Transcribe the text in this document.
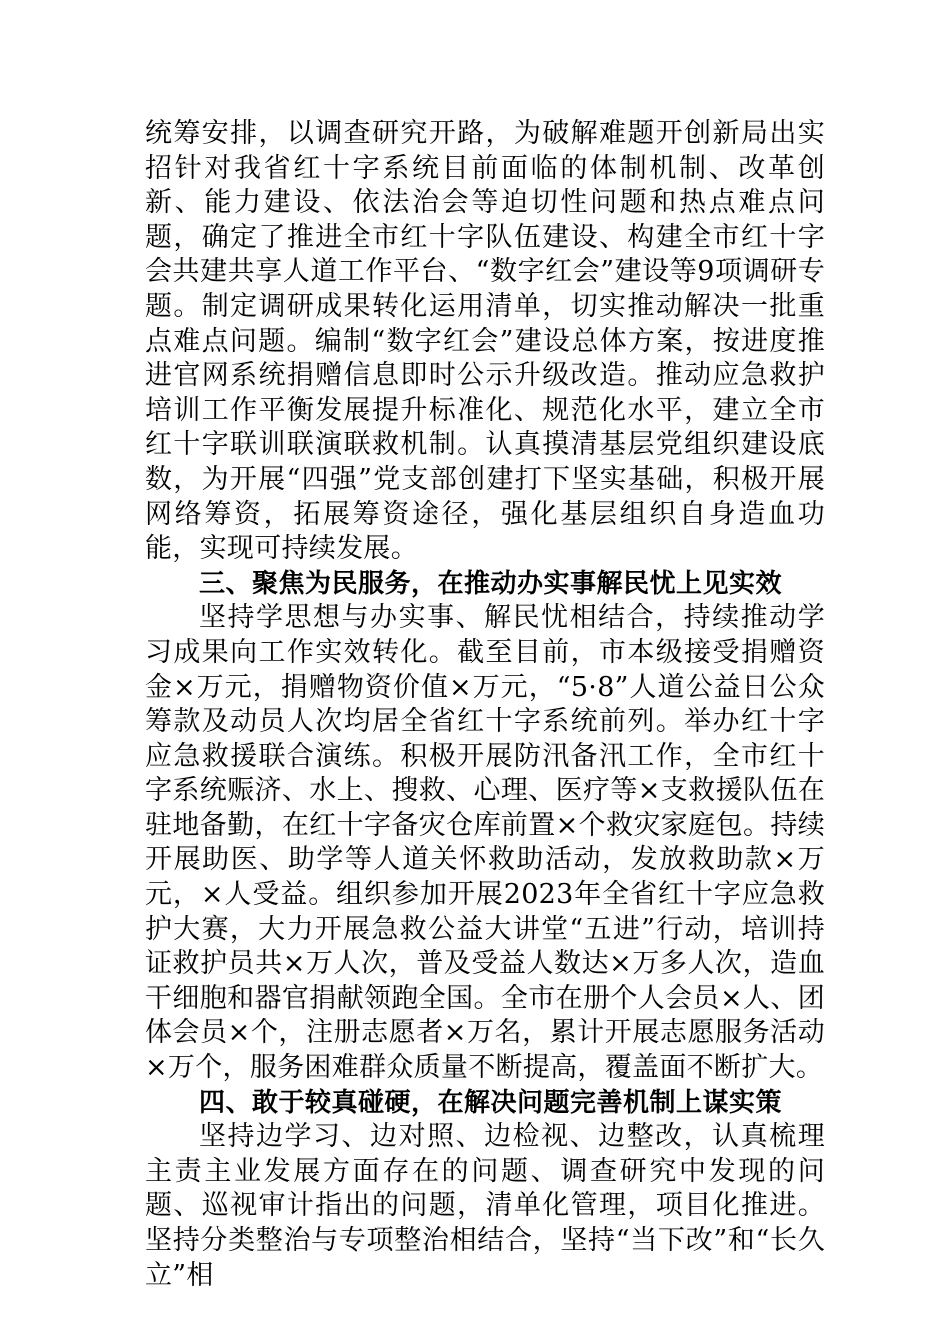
统筹安排，以调查研究开路，为破解难题开创新局出实招针对我省红十字系统目前面临的体制机制、改革创新、能力建设、依法治会等迫切性问题和热点难点问题，确定了推进全市红十字队伍建设、构建全市红十字会共建共享人道工作平台、“数字红会”建设等9项调研专题。制定调研成果转化运用清单，切实推动解决一批重点难点问题。编制“数字红会”建设总体方案，按进度推进官网系统捐赠信息即时公示升级改造。推动应急救护培训工作平衡发展提升标准化、规范化水平，建立全市红十字联训联演联救机制。认真摸清基层党组织建设底数，为开展“四强”党支部创建打下坚实基础，积极开展网络筹资，拓展筹资途径，强化基层组织自身造血功能，实现可持续发展。

三、聚焦为民服务，在推动办实事解民忧上见实效

坚持学思想与办实事、解民忧相结合，持续推动学习成果向工作实效转化。截至目前，市本级接受捐赠资金×万元，捐赠物资价值×万元，“5·8”人道公益日公众筹款及动员人次均居全省红十字系统前列。举办红十字应急救援联合演练。积极开展防汛备汛工作，全市红十字系统赈济、水上、搜救、心理、医疗等×支救援队伍在驻地备勤，在红十字备灾仓库前置×个救灾家庭包。持续开展助医、助学等人道关怀救助活动，发放救助款×万元，×人受益。组织参加开展2023年全省红十字应急救护大赛，大力开展急救公益大讲堂“五进”行动，培训持证救护员共×万人次，普及受益人数达×万多人次，造血干细胞和器官捐献领跑全国。全市在册个人会员×人、团体会员×个，注册志愿者×万名，累计开展志愿服务活动×万个，服务困难群众质量不断提高，覆盖面不断扩大。

四、敢于较真碰硬，在解决问题完善机制上谋实策

坚持边学习、边对照、边检视、边整改，认真梳理主责主业发展方面存在的问题、调查研究中发现的问题、巡视审计指出的问题，清单化管理，项目化推进。坚持分类整治与专项整治相结合，坚持“当下改”和“长久立”相
